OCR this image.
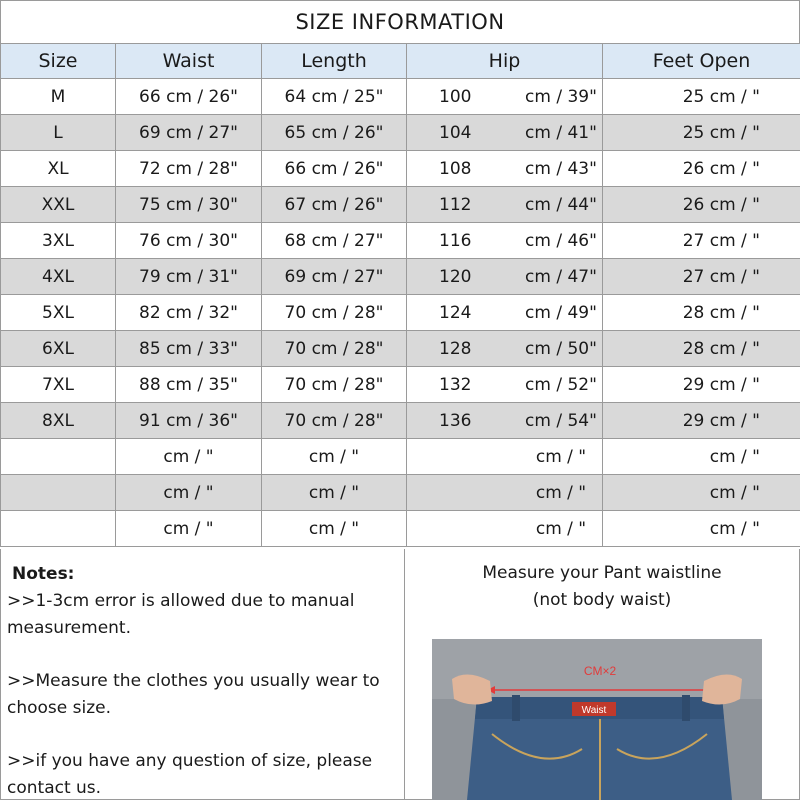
SIZE INFORMATION
Size	Waist	Length	Hip	Feet Open
M	66 cm / 26"	64 cm / 25"	100 cm / 39"	25 cm / "
L	69 cm / 27"	65 cm / 26"	104 cm / 41"	25 cm / "
XL	72 cm / 28"	66 cm / 26"	108 cm / 43"	26 cm / "
XXL	75 cm / 30"	67 cm / 26"	112 cm / 44"	26 cm / "
3XL	76 cm / 30"	68 cm / 27"	116 cm / 46"	27 cm / "
4XL	79 cm / 31"	69 cm / 27"	120 cm / 47"	27 cm / "
5XL	82 cm / 32"	70 cm / 28"	124 cm / 49"	28 cm / "
6XL	85 cm / 33"	70 cm / 28"	128 cm / 50"	28 cm / "
7XL	88 cm / 35"	70 cm / 28"	132 cm / 52"	29 cm / "
8XL	91 cm / 36"	70 cm / 28"	136 cm / 54"	29 cm / "
	cm / "	cm / "	cm / "	cm / "
	cm / "	cm / "	cm / "	cm / "
	cm / "	cm / "	cm / "	cm / "
Notes:

>>1-3cm error is allowed due to manual measurement.

>>Measure the clothes you usually wear to choose size.

>>if you have any question of size, please contact us.

Measure your Pant waistline
(not body waist)
Waist
CM×2
